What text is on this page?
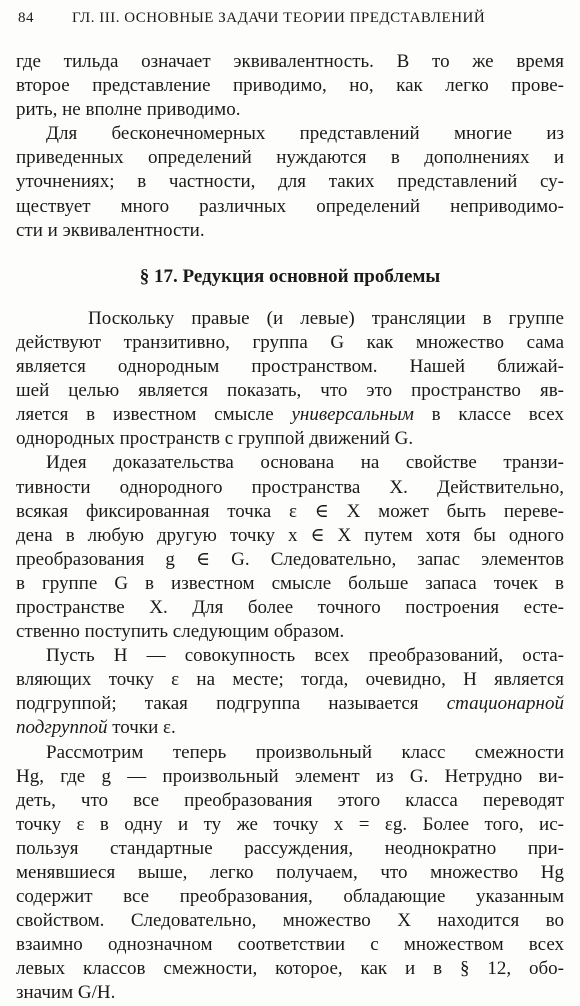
84	ГЛ. III. ОСНОВНЫЕ ЗАДАЧИ ТЕОРИИ ПРЕДСТАВЛЕНИЙ
где тильда означает эквивалентность. В то же время
второе представление приводимо, но, как легко прове-
рить, не вполне приводимо.
Для бесконечномерных представлений многие из
приведенных определений нуждаются в дополнениях и
уточнениях; в частности, для таких представлений су-
ществует много различных определений неприводимо-
сти и эквивалентности.
§ 17. Редукция основной проблемы
Поскольку правые (и левые) трансляции в группе
действуют транзитивно, группа G как множество сама
является однородным пространством. Нашей ближай-
шей целью является показать, что это пространство яв-
ляется в известном смысле универсальным в классе всех
однородных пространств с группой движений G.
Идея доказательства основана на свойстве транзи-
тивности однородного пространства X. Действительно,
всякая фиксированная точка ε ∈ X может быть переве-
дена в любую другую точку x ∈ X путем хотя бы одного
преобразования g ∈ G. Следовательно, запас элементов
в группе G в известном смысле больше запаса точек в
пространстве X. Для более точного построения есте-
ственно поступить следующим образом.
Пусть H — совокупность всех преобразований, оста-
вляющих точку ε на месте; тогда, очевидно, H является
подгруппой; такая подгруппа называется стационарной
подгруппой точки ε.
Рассмотрим теперь произвольный класс смежности
Hg, где g — произвольный элемент из G. Нетрудно ви-
деть, что все преобразования этого класса переводят
точку ε в одну и ту же точку x = εg. Более того, ис-
пользуя стандартные рассуждения, неоднократно при-
менявшиеся выше, легко получаем, что множество Hg
содержит все преобразования, обладающие указанным
свойством. Следовательно, множество X находится во
взаимно однозначном соответствии с множеством всех
левых классов смежности, которое, как и в § 12, обо-
значим G/H.
